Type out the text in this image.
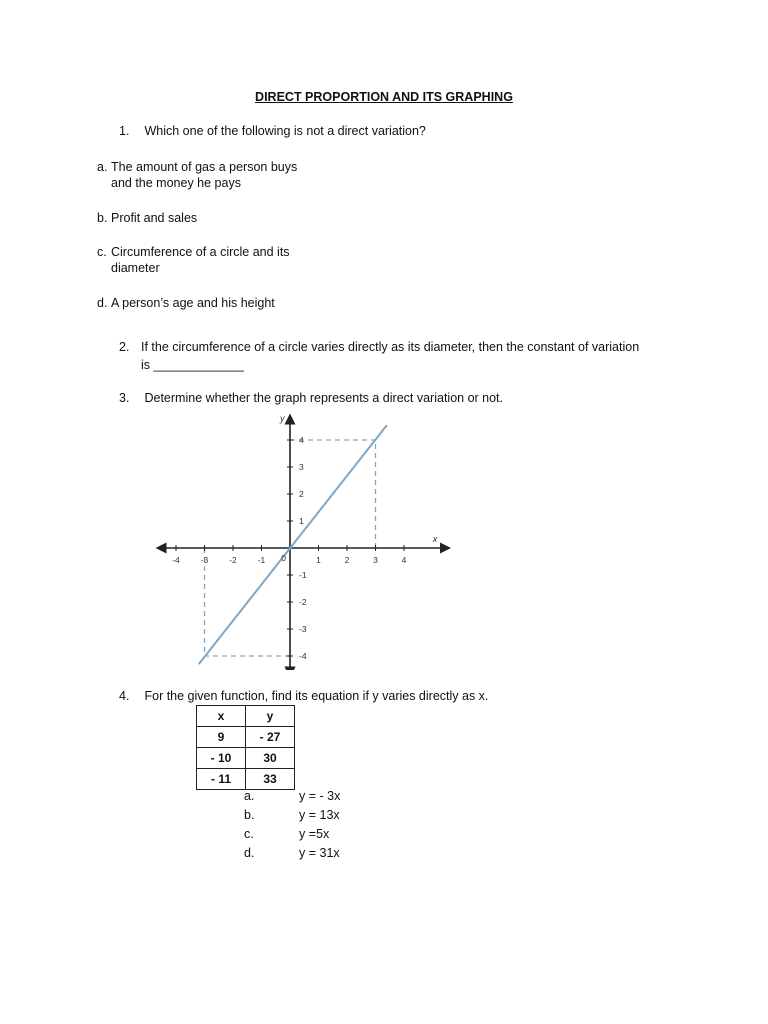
DIRECT PROPORTION AND ITS GRAPHING
1. Which one of the following is not a direct variation?
a. The amount of gas a person buys
and the money he pays
b. Profit and sales
c. Circumference of a circle and its
diameter
d. A person’s age and his height
2. If the circumference of a circle varies directly as its diameter, then the constant of variation
is _____________
3. Determine whether the graph represents a direct variation or not.
-4 -3 -2 -1	1	2	3	4
-4
-3
-2
-1
1
2
3
4
0
x
y
4. For the given function, find its equation if y varies directly as x.
x	y
9	- 27
- 10	30
- 11	33
a.	y = - 3x
b.	y = 13x
c.	y =5x
d.	y = 31x
